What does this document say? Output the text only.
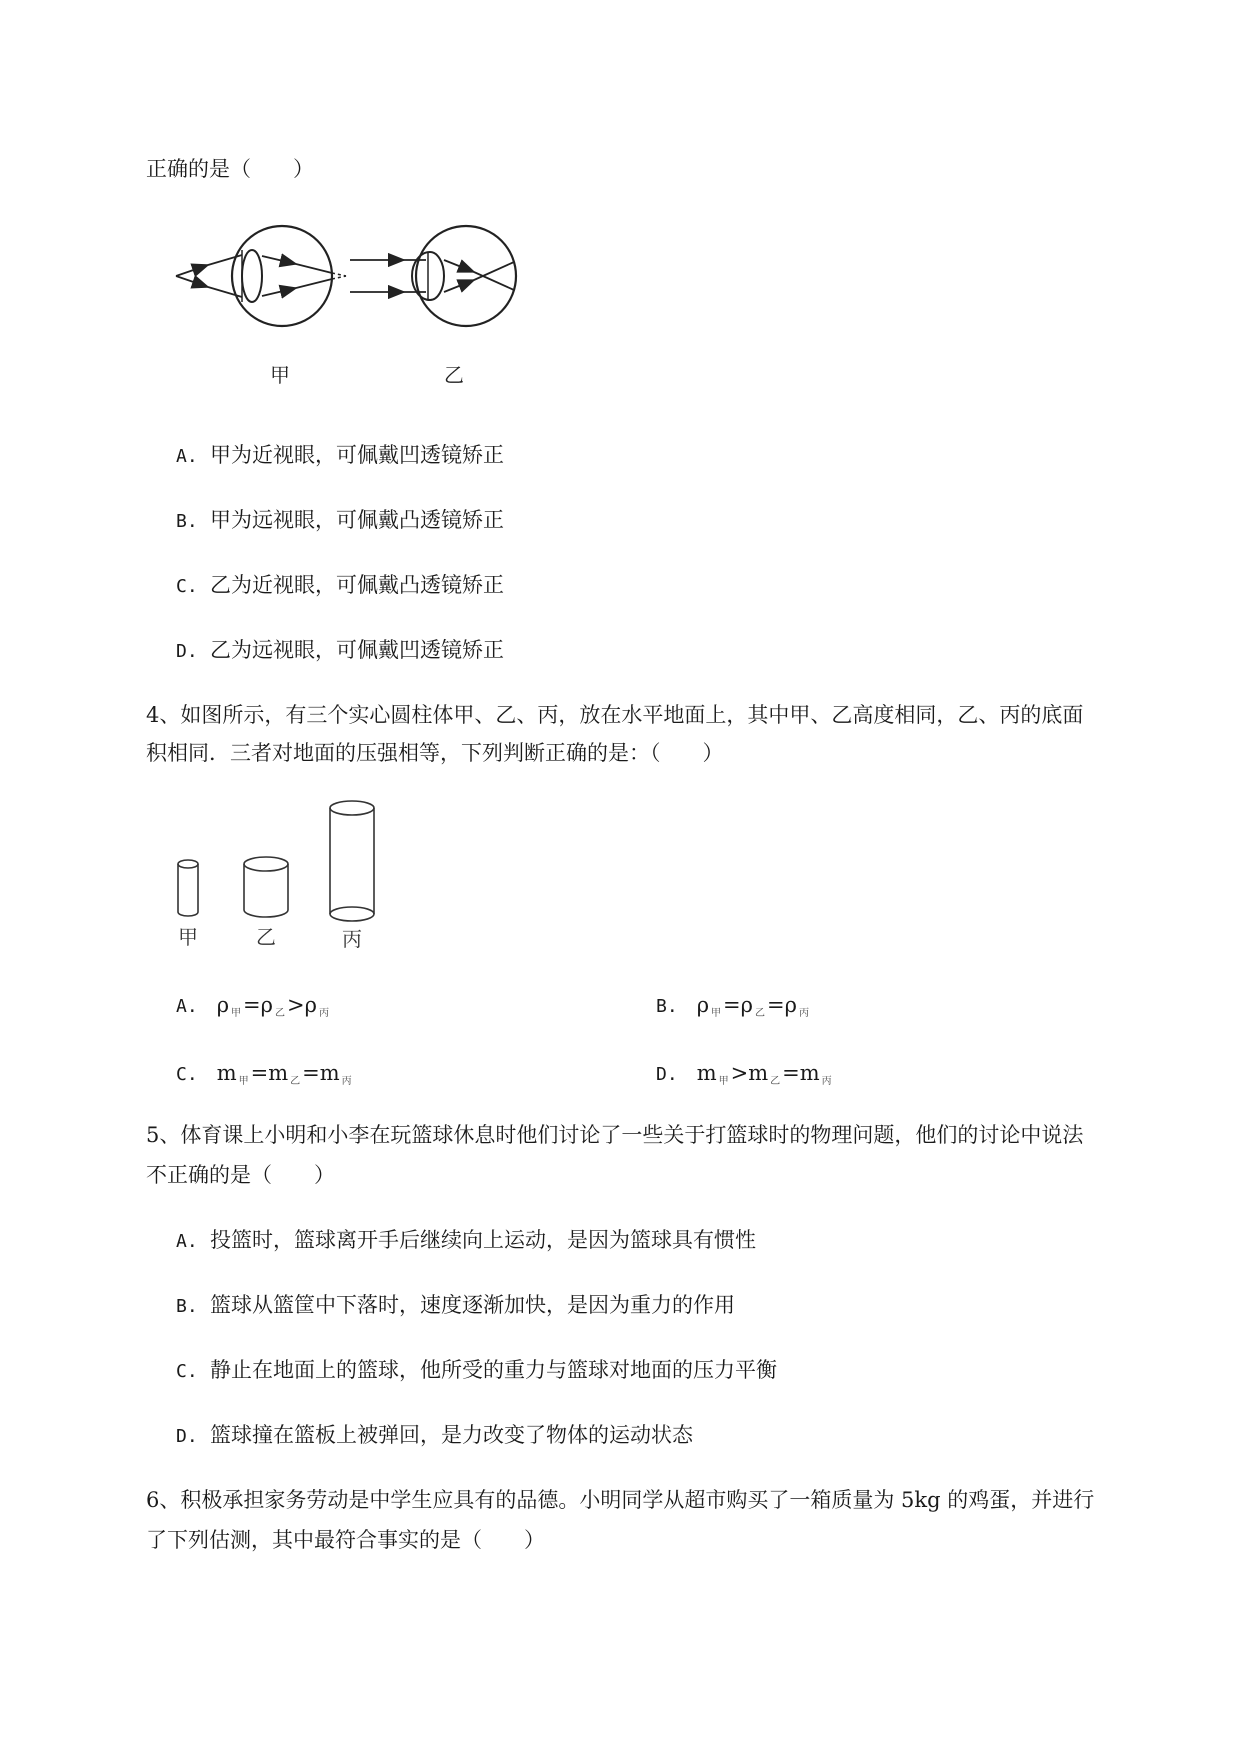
正确的是（　　）
甲	乙
A. 甲为近视眼，可佩戴凹透镜矫正
B. 甲为远视眼，可佩戴凸透镜矫正
C. 乙为近视眼，可佩戴凸透镜矫正
D. 乙为远视眼，可佩戴凹透镜矫正
4、如图所示，有三个实心圆柱体甲、乙、丙，放在水平地面上，其中甲、乙高度相同，乙、丙的底面
积相同．三者对地面的压强相等，下列判断正确的是：（　　）
甲	乙	丙
A. ρ $_甲$=ρ $_乙$>ρ $_丙$	B. ρ $_甲$=ρ $_乙$=ρ $_丙$
C. m $_甲$=m $_乙$=m $_丙$	D. m $_甲$>m $_乙$=m $_丙$
5、体育课上小明和小李在玩篮球休息时他们讨论了一些关于打篮球时的物理问题，他们的讨论中说法
不正确的是（　　）
A. 投篮时，篮球离开手后继续向上运动，是因为篮球具有惯性
B. 篮球从篮筐中下落时，速度逐渐加快，是因为重力的作用
C. 静止在地面上的篮球，他所受的重力与篮球对地面的压力平衡
D. 篮球撞在篮板上被弹回，是力改变了物体的运动状态
6、积极承担家务劳动是中学生应具有的品德。小明同学从超市购买了一箱质量为 5kg 的鸡蛋，并进行
了下列估测，其中最符合事实的是（　　）
